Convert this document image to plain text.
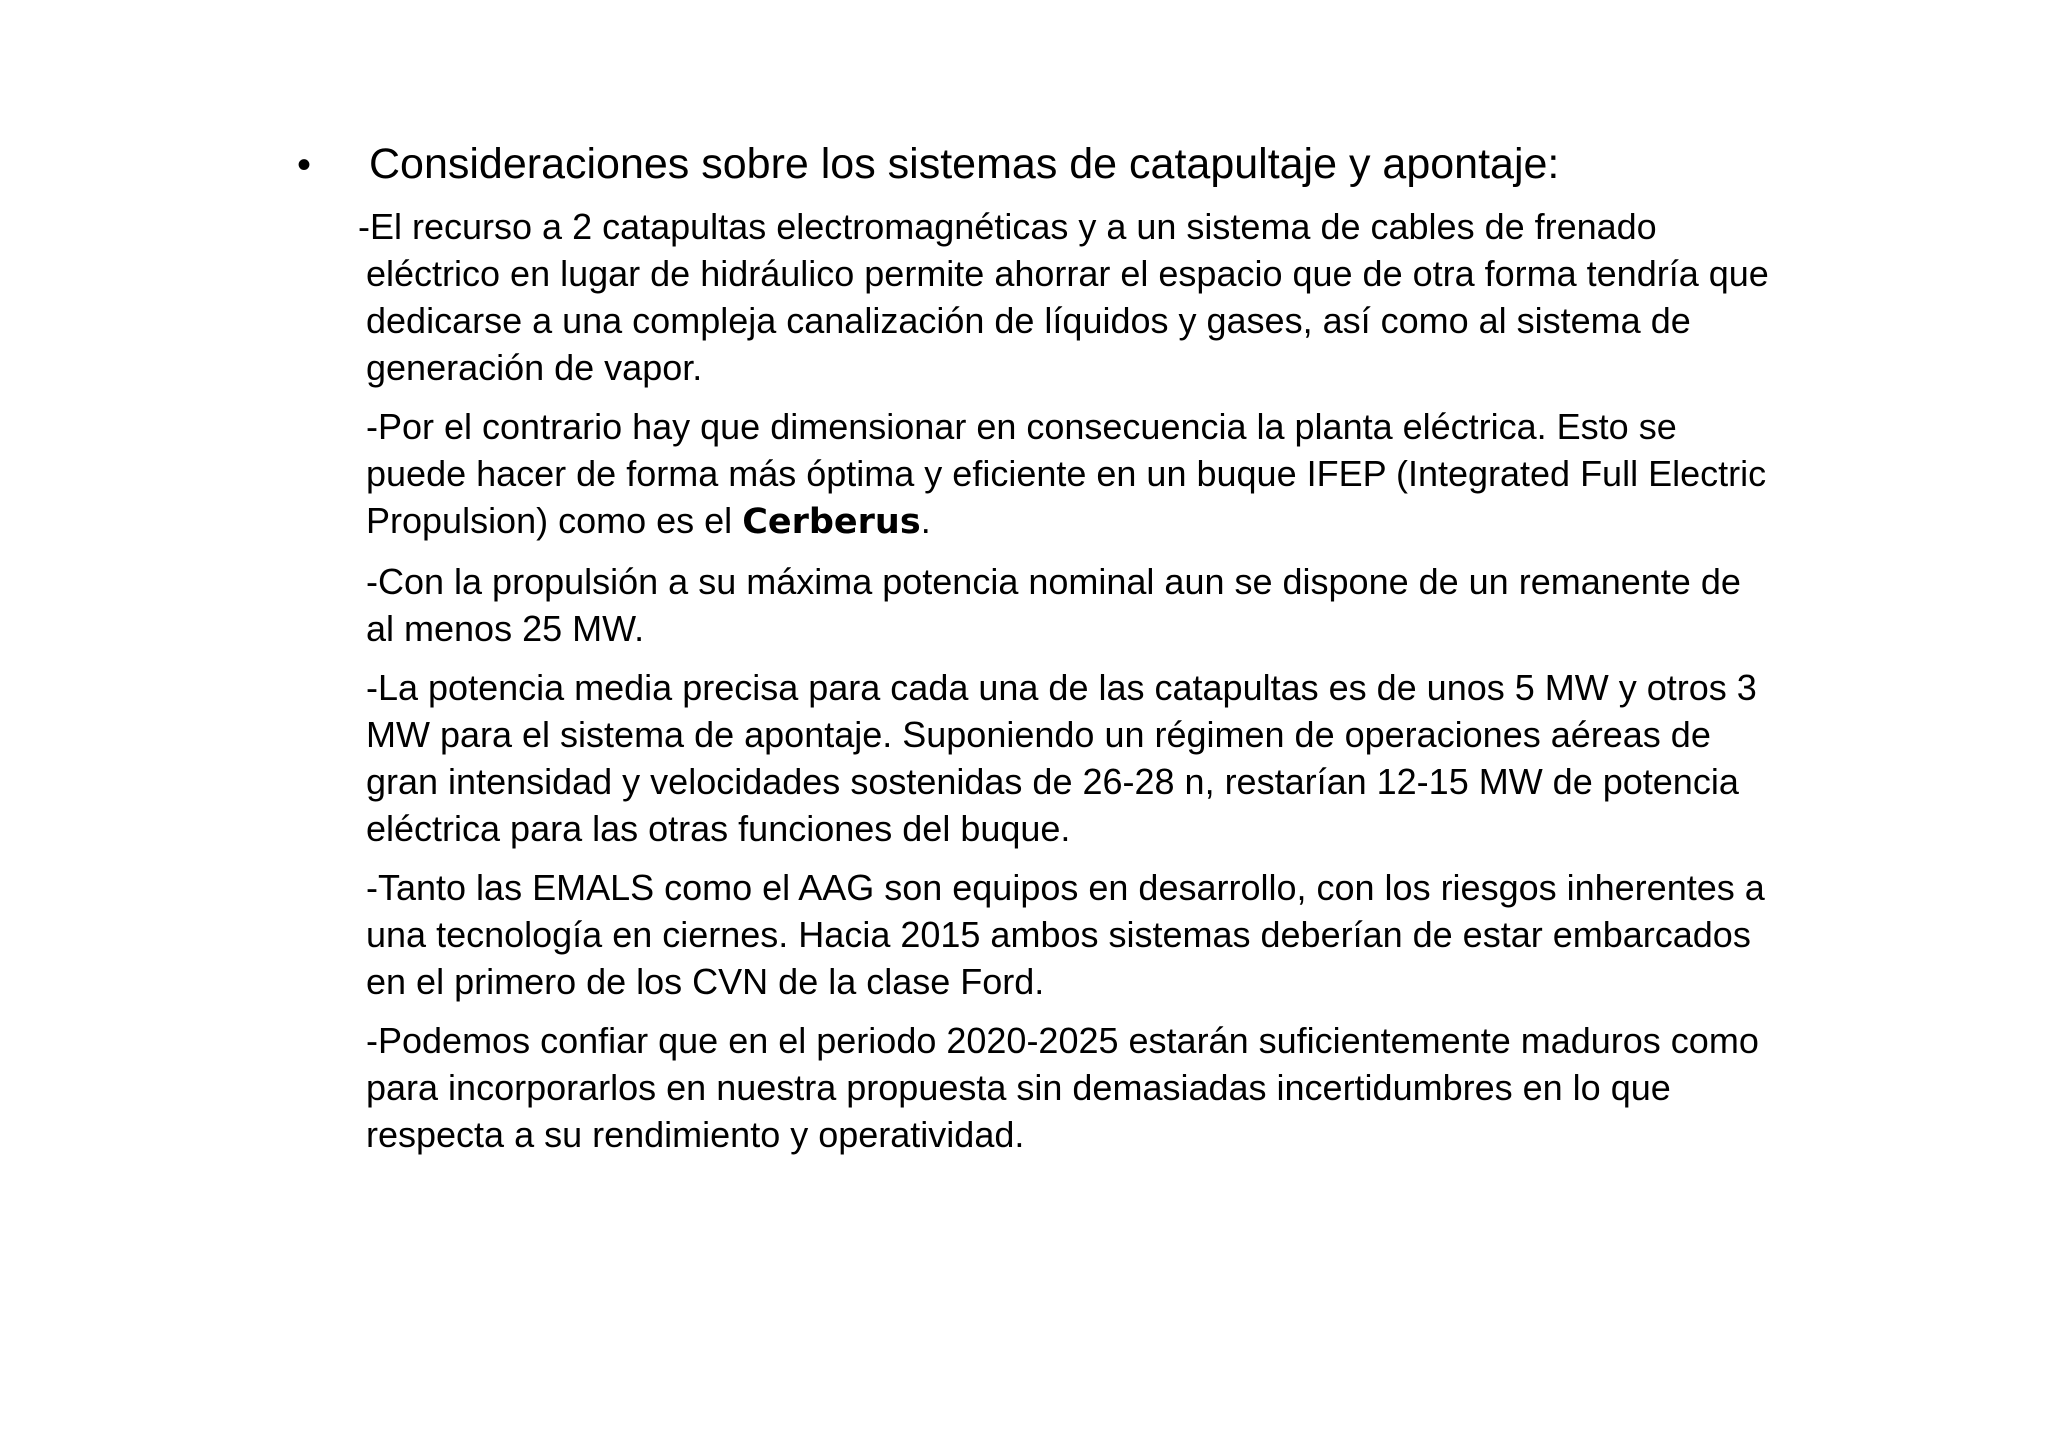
•	Consideraciones sobre los sistemas de catapultaje y apontaje:

-El recurso a 2 catapultas electromagnéticas y a un sistema de cables de frenado eléctrico en lugar de hidráulico permite ahorrar el espacio que de otra forma tendría que dedicarse a una compleja canalización de líquidos y gases, así como al sistema de generación de vapor.

-Por el contrario hay que dimensionar en consecuencia la planta eléctrica. Esto se puede hacer de forma más óptima y eficiente en un buque IFEP (Integrated Full Electric Propulsion) como es el Cerberus.

-Con la propulsión a su máxima potencia nominal aun se dispone de un remanente de al menos 25 MW.

-La potencia media precisa para cada una de las catapultas es de unos 5 MW y otros 3 MW para el sistema de apontaje. Suponiendo un régimen de operaciones aéreas de gran intensidad y velocidades sostenidas de 26-28 n, restarían 12-15 MW de potencia eléctrica para las otras funciones del buque.

-Tanto las EMALS como el AAG son equipos en desarrollo, con los riesgos inherentes a una tecnología en ciernes. Hacia 2015 ambos sistemas deberían de estar embarcados en el primero de los CVN de la clase Ford.

-Podemos confiar que en el periodo 2020-2025 estarán suficientemente maduros como para incorporarlos en nuestra propuesta sin demasiadas incertidumbres en lo que respecta a su rendimiento y operatividad.
